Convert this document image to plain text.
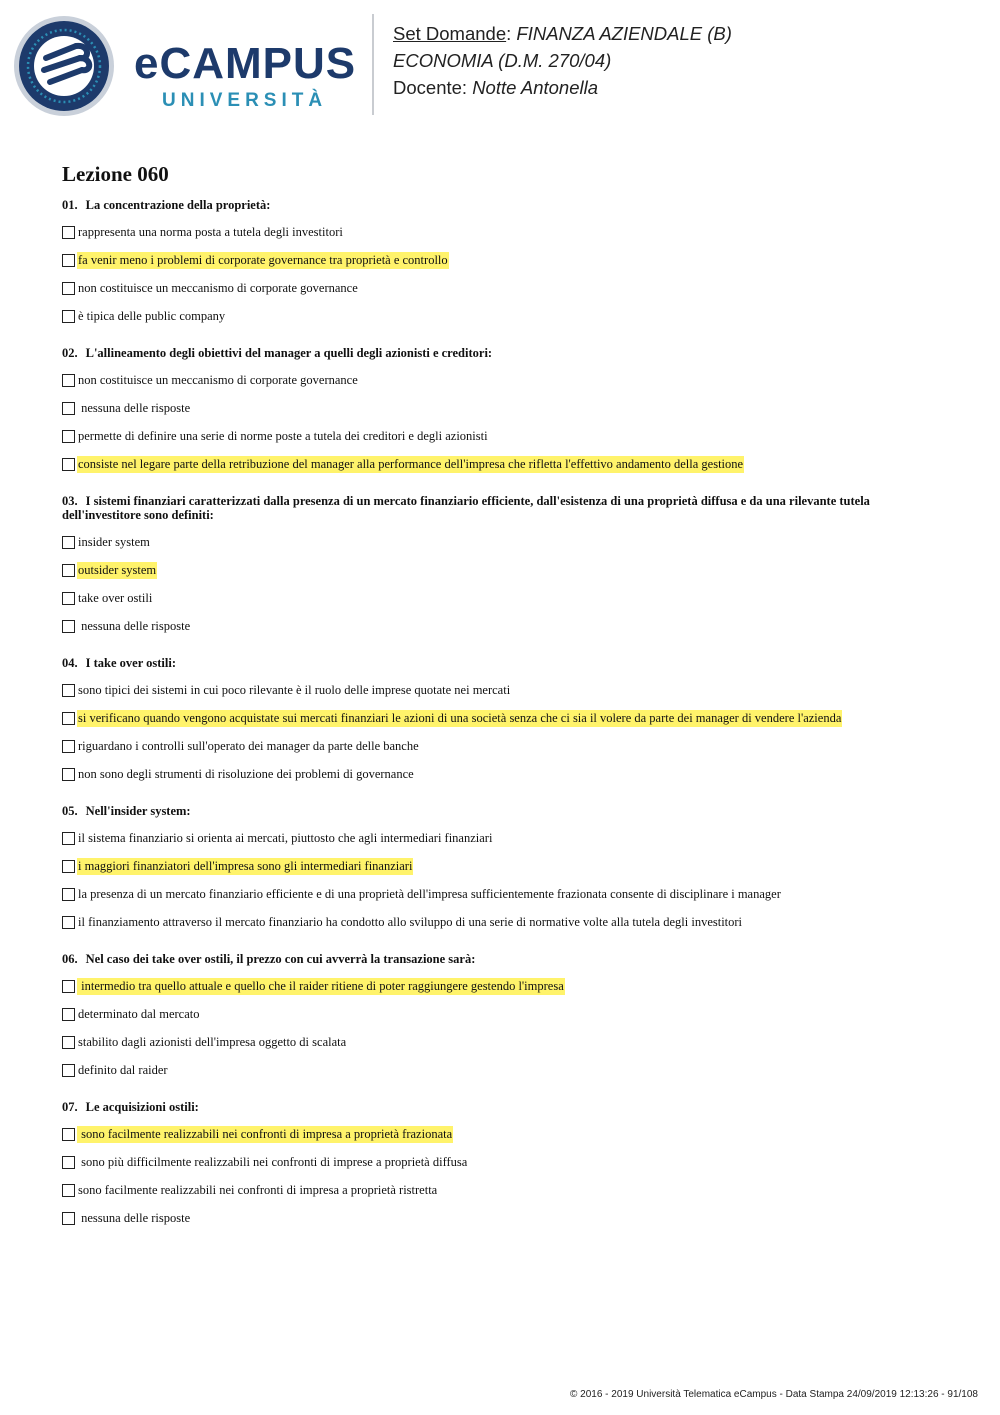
eCAMPUS
UNIVERSITÀ
Set Domande: FINANZA AZIENDALE (B)
ECONOMIA (D.M. 270/04)
Docente: Notte Antonella
Lezione 060
01. La concentrazione della proprietà:
rappresenta una norma posta a tutela degli investitori
fa venir meno i problemi di corporate governance tra proprietà e controllo
non costituisce un meccanismo di corporate governance
è tipica delle public company
02. L'allineamento degli obiettivi del manager a quelli degli azionisti e creditori:
non costituisce un meccanismo di corporate governance
nessuna delle risposte
permette di definire una serie di norme poste a tutela dei creditori e degli azionisti
consiste nel legare parte della retribuzione del manager alla performance dell'impresa che rifletta l'effettivo andamento della gestione
03. I sistemi finanziari caratterizzati dalla presenza di un mercato finanziario efficiente, dall'esistenza di una proprietà diffusa e da una rilevante tutela dell'investitore sono definiti:
insider system
outsider system
take over ostili
nessuna delle risposte
04. I take over ostili:
sono tipici dei sistemi in cui poco rilevante è il ruolo delle imprese quotate nei mercati
si verificano quando vengono acquistate sui mercati finanziari le azioni di una società senza che ci sia il volere da parte dei manager di vendere l'azienda
riguardano i controlli sull'operato dei manager da parte delle banche
non sono degli strumenti di risoluzione dei problemi di governance
05. Nell'insider system:
il sistema finanziario si orienta ai mercati, piuttosto che agli intermediari finanziari
i maggiori finanziatori dell'impresa sono gli intermediari finanziari
la presenza di un mercato finanziario efficiente e di una proprietà dell'impresa sufficientemente frazionata consente di disciplinare i manager
il finanziamento attraverso il mercato finanziario ha condotto allo sviluppo di una serie di normative volte alla tutela degli investitori
06. Nel caso dei take over ostili, il prezzo con cui avverrà la transazione sarà:
intermedio tra quello attuale e quello che il raider ritiene di poter raggiungere gestendo l'impresa
determinato dal mercato
stabilito dagli azionisti dell'impresa oggetto di scalata
definito dal raider
07. Le acquisizioni ostili:
sono facilmente realizzabili nei confronti di impresa a proprietà frazionata
sono più difficilmente realizzabili nei confronti di imprese a proprietà diffusa
sono facilmente realizzabili nei confronti di impresa a proprietà ristretta
nessuna delle risposte
© 2016 - 2019 Università Telematica eCampus - Data Stampa 24/09/2019 12:13:26 - 91/108
